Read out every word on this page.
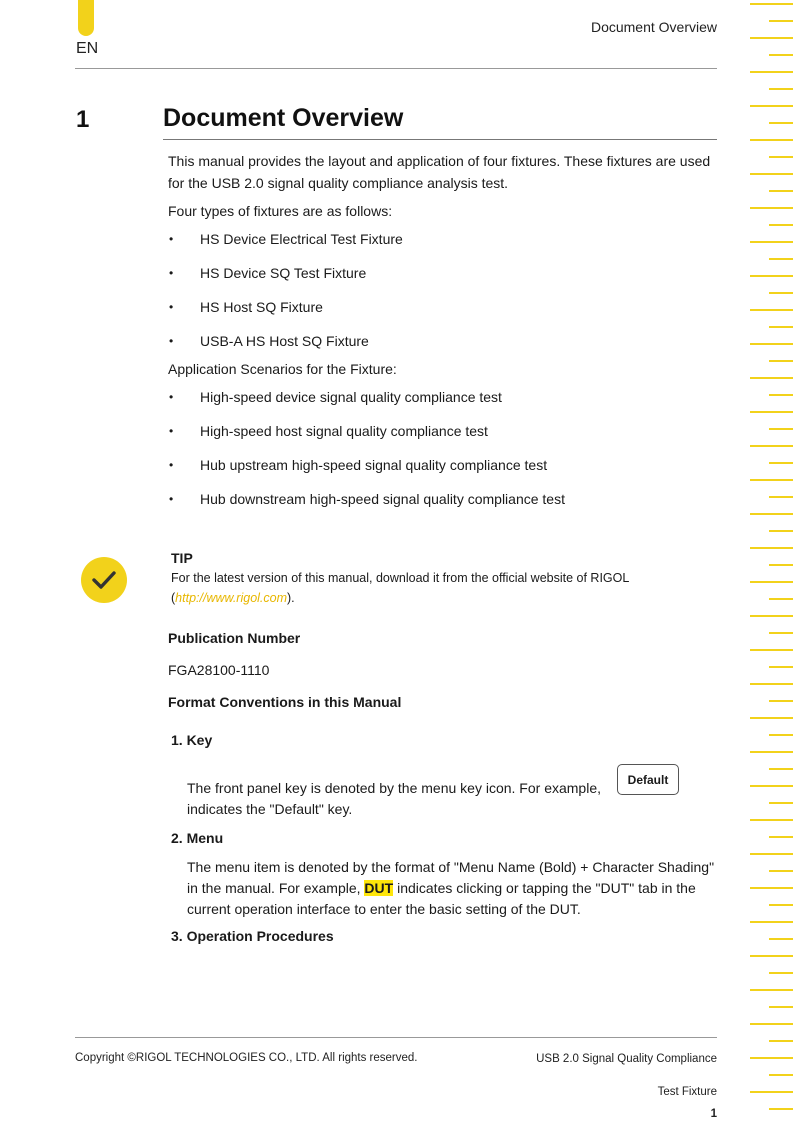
EN
Document Overview
1	Document Overview

This manual provides the layout and application of four fixtures. These fixtures are used for the USB 2.0 signal quality compliance analysis test.

Four types of fixtures are as follows:

• HS Device Electrical Test Fixture
• HS Device SQ Test Fixture
• HS Host SQ Fixture
• USB-A HS Host SQ Fixture

Application Scenarios for the Fixture:

• High-speed device signal quality compliance test
• High-speed host signal quality compliance test
• Hub upstream high-speed signal quality compliance test
• Hub downstream high-speed signal quality compliance test
TIP
For the latest version of this manual, download it from the official website of RIGOL (http://www.rigol.com).
Publication Number
FGA28100-1110
Format Conventions in this Manual
1. Key
The front panel key is denoted by the menu key icon. For example,
indicates the "Default" key.
Default
2. Menu
The menu item is denoted by the format of "Menu Name (Bold) + Character Shading" in the manual. For example, DUT indicates clicking or tapping the "DUT" tab in the current operation interface to enter the basic setting of the DUT.
3. Operation Procedures
Copyright ©RIGOL TECHNOLOGIES CO., LTD. All rights reserved.	USB 2.0 Signal Quality Compliance
Test Fixture
1
